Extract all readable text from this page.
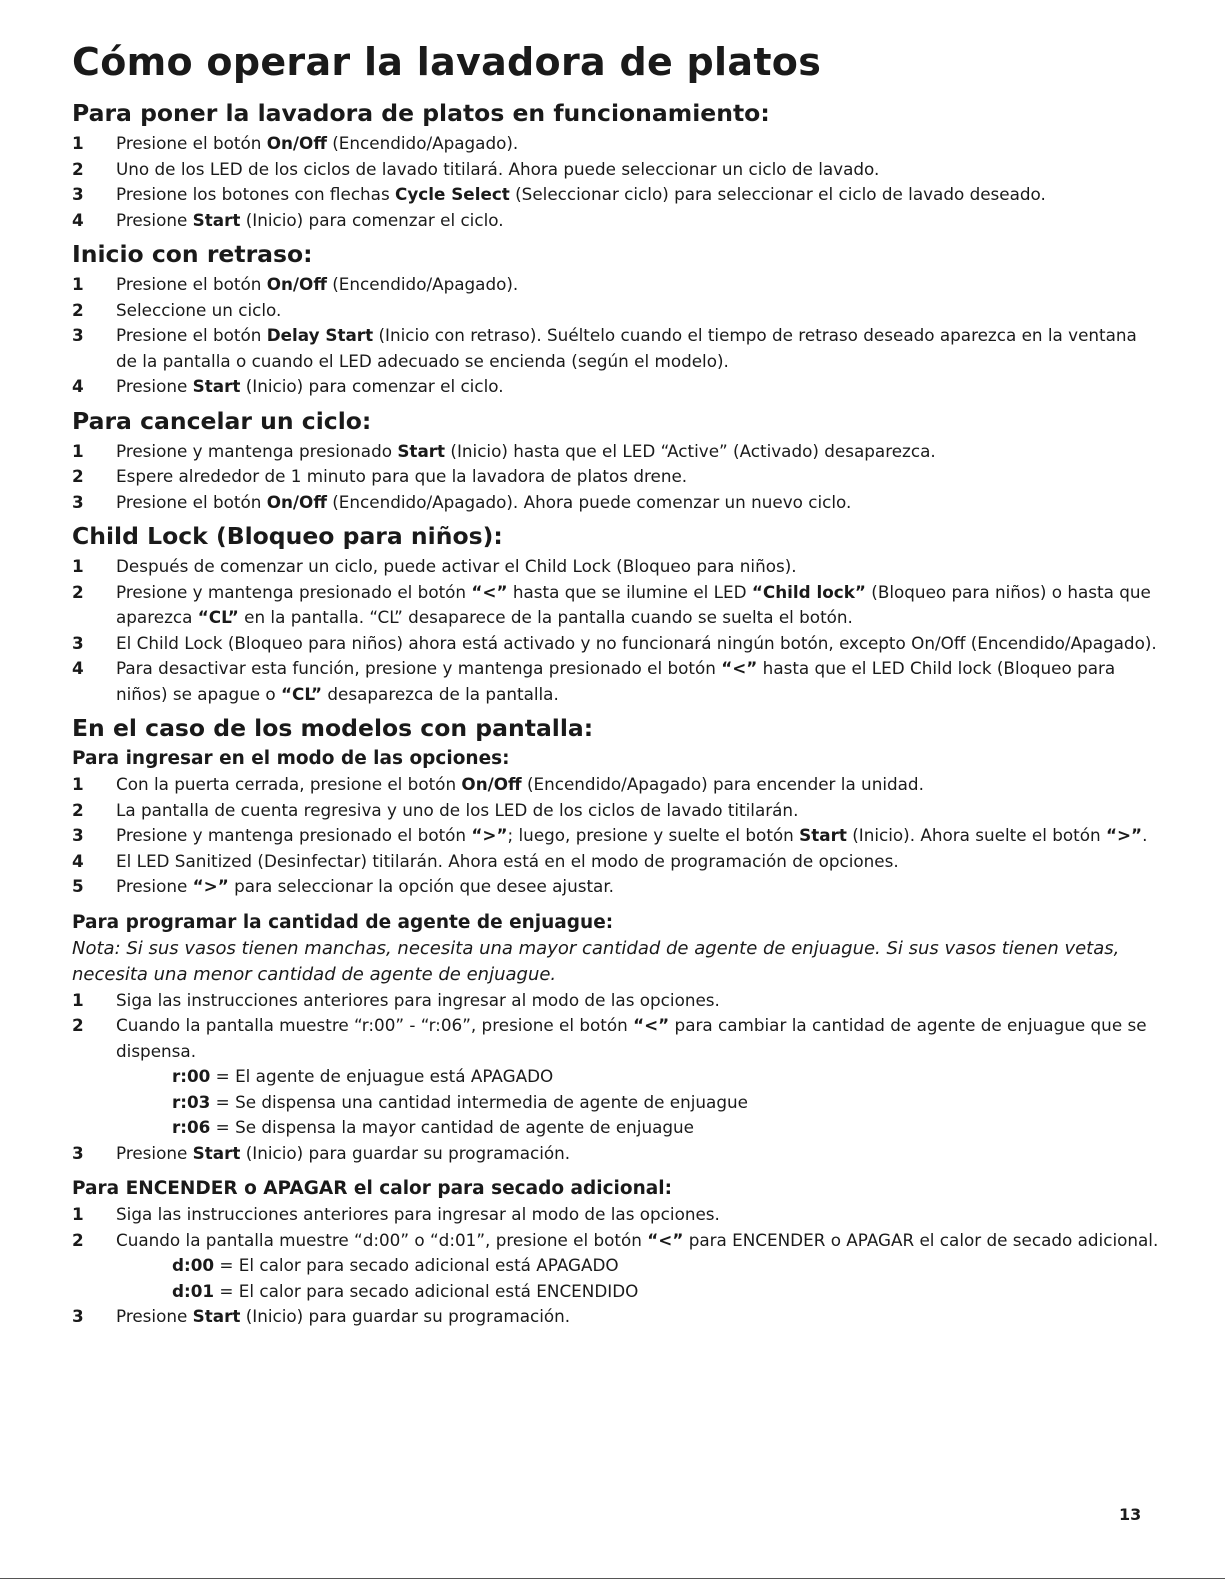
Cómo operar la lavadora de platos
Para poner la lavadora de platos en funcionamiento:
1 Presione el botón On/Off (Encendido/Apagado).
2 Uno de los LED de los ciclos de lavado titilará. Ahora puede seleccionar un ciclo de lavado.
3 Presione los botones con flechas Cycle Select (Seleccionar ciclo) para seleccionar el ciclo de lavado deseado.
4 Presione Start (Inicio) para comenzar el ciclo.
Inicio con retraso:
1 Presione el botón On/Off (Encendido/Apagado).
2 Seleccione un ciclo.
3 Presione el botón Delay Start (Inicio con retraso). Suéltelo cuando el tiempo de retraso deseado aparezca en la ventana de la pantalla o cuando el LED adecuado se encienda (según el modelo).
4 Presione Start (Inicio) para comenzar el ciclo.
Para cancelar un ciclo:
1 Presione y mantenga presionado Start (Inicio) hasta que el LED “Active” (Activado) desaparezca.
2 Espere alrededor de 1 minuto para que la lavadora de platos drene.
3 Presione el botón On/Off (Encendido/Apagado). Ahora puede comenzar un nuevo ciclo.
Child Lock (Bloqueo para niños):
1 Después de comenzar un ciclo, puede activar el Child Lock (Bloqueo para niños).
2 Presione y mantenga presionado el botón “<” hasta que se ilumine el LED “Child lock” (Bloqueo para niños) o hasta que aparezca “CL” en la pantalla. “CL” desaparece de la pantalla cuando se suelta el botón.
3 El Child Lock (Bloqueo para niños) ahora está activado y no funcionará ningún botón, excepto On/Off (Encendido/Apagado).
4 Para desactivar esta función, presione y mantenga presionado el botón “<” hasta que el LED Child lock (Bloqueo para niños) se apague o “CL” desaparezca de la pantalla.
En el caso de los modelos con pantalla:
Para ingresar en el modo de las opciones:
1 Con la puerta cerrada, presione el botón On/Off (Encendido/Apagado) para encender la unidad.
2 La pantalla de cuenta regresiva y uno de los LED de los ciclos de lavado titilarán.
3 Presione y mantenga presionado el botón “>”; luego, presione y suelte el botón Start (Inicio). Ahora suelte el botón “>”.
4 El LED Sanitized (Desinfectar) titilarán. Ahora está en el modo de programación de opciones.
5 Presione “>” para seleccionar la opción que desee ajustar.
Para programar la cantidad de agente de enjuague:
Nota: Si sus vasos tienen manchas, necesita una mayor cantidad de agente de enjuague. Si sus vasos tienen vetas, necesita una menor cantidad de agente de enjuague.
1 Siga las instrucciones anteriores para ingresar al modo de las opciones.
2 Cuando la pantalla muestre “r:00” - “r:06”, presione el botón “<” para cambiar la cantidad de agente de enjuague que se dispensa.
r:00 = El agente de enjuague está APAGADO
r:03 = Se dispensa una cantidad intermedia de agente de enjuague
r:06 = Se dispensa la mayor cantidad de agente de enjuague
3 Presione Start (Inicio) para guardar su programación.
Para ENCENDER o APAGAR el calor para secado adicional:
1 Siga las instrucciones anteriores para ingresar al modo de las opciones.
2 Cuando la pantalla muestre “d:00” o “d:01”, presione el botón “<” para ENCENDER o APAGAR el calor de secado adicional.
d:00 = El calor para secado adicional está APAGADO
d:01 = El calor para secado adicional está ENCENDIDO
3 Presione Start (Inicio) para guardar su programación.
13
